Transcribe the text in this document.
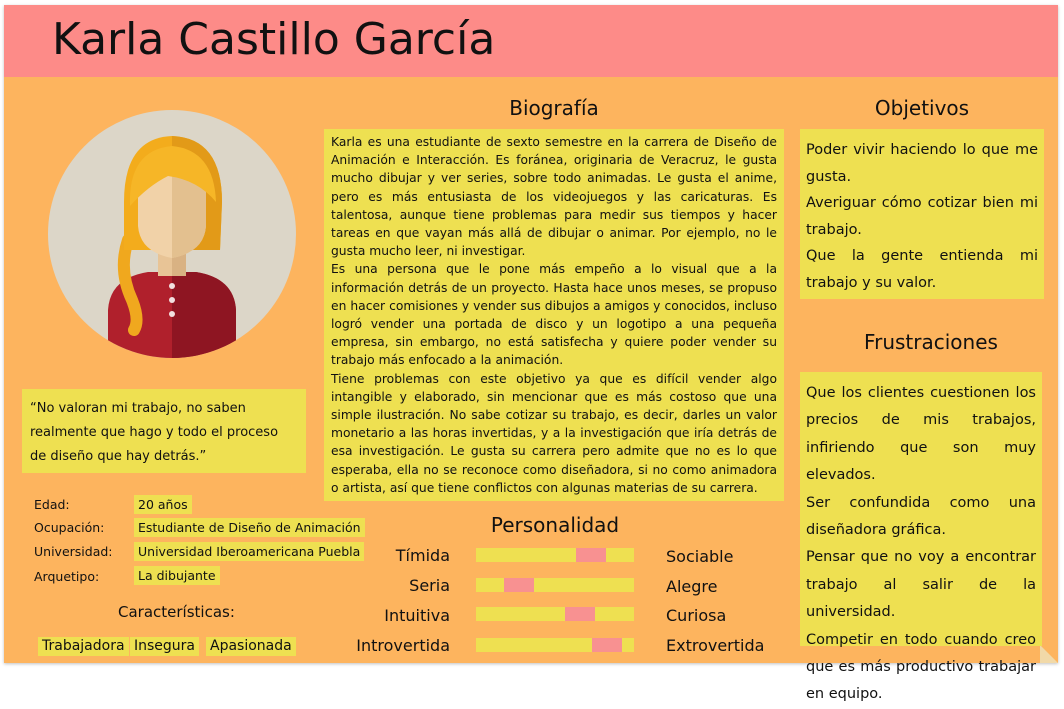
Karla Castillo García
“No valoran mi trabajo, no saben realmente que hago y todo el proceso de diseño que hay detrás.”
Edad:	20 años
Ocupación:	Estudiante de Diseño de Animación
Universidad:	Universidad Iberoamericana Puebla
Arquetipo:	La dibujante
Características:
Trabajadora Insegura Apasionada
Biografía

Karla es una estudiante de sexto semestre en la carrera de Diseño de Animación e Interacción. Es foránea, originaria de Veracruz, le gusta mucho dibujar y ver series, sobre todo animadas. Le gusta el anime, pero es más entusiasta de los videojuegos y las caricaturas. Es talentosa, aunque tiene problemas para medir sus tiempos y hacer tareas en que vayan más allá de dibujar o animar. Por ejemplo, no le gusta mucho leer, ni investigar.

Es una persona que le pone más empeño a lo visual que a la información detrás de un proyecto. Hasta hace unos meses, se propuso en hacer comisiones y vender sus dibujos a amigos y conocidos, incluso logró vender una portada de disco y un logotipo a una pequeña empresa, sin embargo, no está satisfecha y quiere poder vender su trabajo más enfocado a la animación.

Tiene problemas con este objetivo ya que es difícil vender algo intangible y elaborado, sin mencionar que es más costoso que una simple ilustración. No sabe cotizar su trabajo, es decir, darles un valor monetario a las horas invertidas, y a la investigación que iría detrás de esa investigación. Le gusta su carrera pero admite que no es lo que esperaba, ella no se reconoce como diseñadora, si no como animadora o artista, así que tiene conflictos con algunas materias de su carrera.

Personalidad
Tímida	Sociable
Seria	Alegre
Intuitiva	Curiosa
Introvertida	Extrovertida
Objetivos

Poder vivir haciendo lo que me gusta.

Averiguar cómo cotizar bien mi trabajo.

Que la gente entienda mi trabajo y su valor.

Frustraciones

Que los clientes cuestionen los precios de mis trabajos, infiriendo que son muy elevados.

Ser confundida como una diseñadora gráfica.

Pensar que no voy a encontrar trabajo al salir de la universidad.

Competir en todo cuando creo que es más productivo trabajar en equipo.
